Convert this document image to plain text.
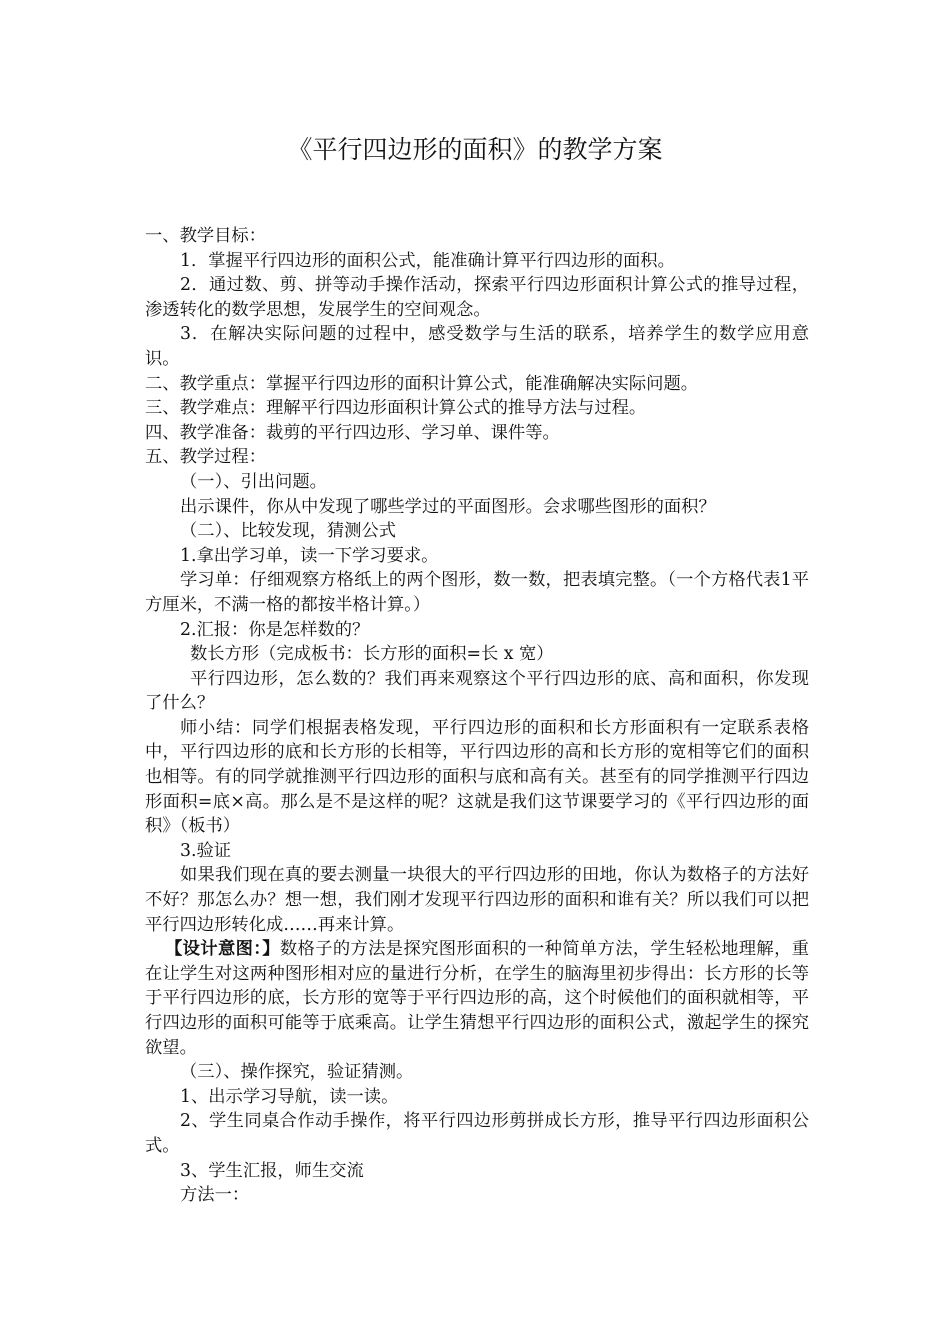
《平行四边形的面积》的教学方案

一、教学目标：

1．掌握平行四边形的面积公式，能准确计算平行四边形的面积。

2．通过数、剪、拼等动手操作活动，探索平行四边形面积计算公式的推导过程，渗透转化的数学思想，发展学生的空间观念。

3．在解决实际问题的过程中，感受数学与生活的联系，培养学生的数学应用意识。

二、教学重点：掌握平行四边形的面积计算公式，能准确解决实际问题。

三、教学难点：理解平行四边形面积计算公式的推导方法与过程。

四、教学准备：裁剪的平行四边形、学习单、课件等。

五、教学过程：

（一）、引出问题。

出示课件，你从中发现了哪些学过的平面图形。会求哪些图形的面积？

（二）、比较发现，猜测公式

1.拿出学习单，读一下学习要求。

学习单：仔细观察方格纸上的两个图形，数一数，把表填完整。（一个方格代表1平方厘米，不满一格的都按半格计算。）

2.汇报：你是怎样数的？

数长方形（完成板书：长方形的面积=长 x 宽）

平行四边形，怎么数的？我们再来观察这个平行四边形的底、高和面积，你发现了什么？

师小结：同学们根据表格发现，平行四边形的面积和长方形面积有一定联系表格中，平行四边形的底和长方形的长相等，平行四边形的高和长方形的宽相等它们的面积也相等。有的同学就推测平行四边形的面积与底和高有关。甚至有的同学推测平行四边形面积=底×高。那么是不是这样的呢？这就是我们这节课要学习的《平行四边形的面积》（板书）

3.验证

如果我们现在真的要去测量一块很大的平行四边形的田地，你认为数格子的方法好不好？那怎么办？想一想，我们刚才发现平行四边形的面积和谁有关？所以我们可以把平行四边形转化成……再来计算。

【设计意图：】数格子的方法是探究图形面积的一种简单方法，学生轻松地理解，重在让学生对这两种图形相对应的量进行分析，在学生的脑海里初步得出：长方形的长等于平行四边形的底，长方形的宽等于平行四边形的高，这个时候他们的面积就相等，平行四边形的面积可能等于底乘高。让学生猜想平行四边形的面积公式，激起学生的探究欲望。

（三）、操作探究，验证猜测。

1、出示学习导航，读一读。

2、学生同桌合作动手操作，将平行四边形剪拼成长方形，推导平行四边形面积公式。

3、学生汇报，师生交流

方法一：
